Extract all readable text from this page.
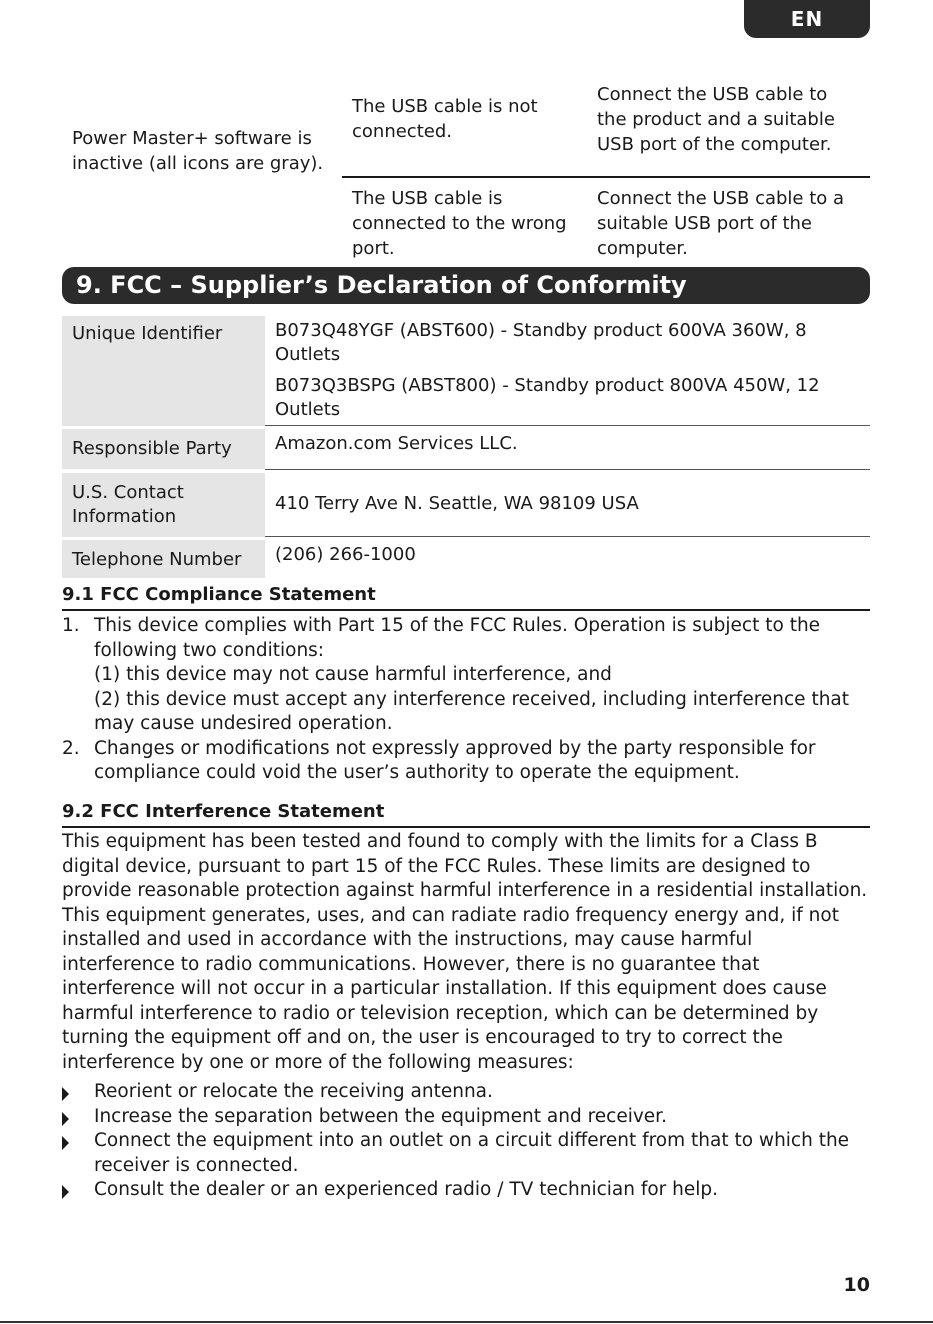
EN
Power Master+ software is inactive (all icons are gray).	The USB cable is not connected.	Connect the USB cable to the product and a suitable USB port of the computer.
	The USB cable is connected to the wrong port.	Connect the USB cable to a suitable USB port of the computer.
9. FCC – Supplier’s Declaration of Conformity
Unique Identifier	B073Q48YGF (ABST600) - Standby product 600VA 360W, 8 Outlets
B073Q3BSPG (ABST800) - Standby product 800VA 450W, 12 Outlets

Responsible Party	Amazon.com Services LLC.

U.S. Contact Information	410 Terry Ave N. Seattle, WA 98109 USA

Telephone Number	(206) 266-1000
9.1 FCC Compliance Statement
1. This device complies with Part 15 of the FCC Rules. Operation is subject to the following two conditions:
(1) this device may not cause harmful interference, and
(2) this device must accept any interference received, including interference that may cause undesired operation.
2. Changes or modifications not expressly approved by the party responsible for compliance could void the user’s authority to operate the equipment.
9.2 FCC Interference Statement

This equipment has been tested and found to comply with the limits for a Class B digital device, pursuant to part 15 of the FCC Rules. These limits are designed to provide reasonable protection against harmful interference in a residential installation. This equipment generates, uses, and can radiate radio frequency energy and, if not installed and used in accordance with the instructions, may cause harmful interference to radio communications. However, there is no guarantee that interference will not occur in a particular installation. If this equipment does cause harmful interference to radio or television reception, which can be determined by turning the equipment off and on, the user is encouraged to try to correct the interference by one or more of the following measures:

Reorient or relocate the receiving antenna.
Increase the separation between the equipment and receiver.
Connect the equipment into an outlet on a circuit different from that to which the receiver is connected.
Consult the dealer or an experienced radio / TV technician for help.
10
